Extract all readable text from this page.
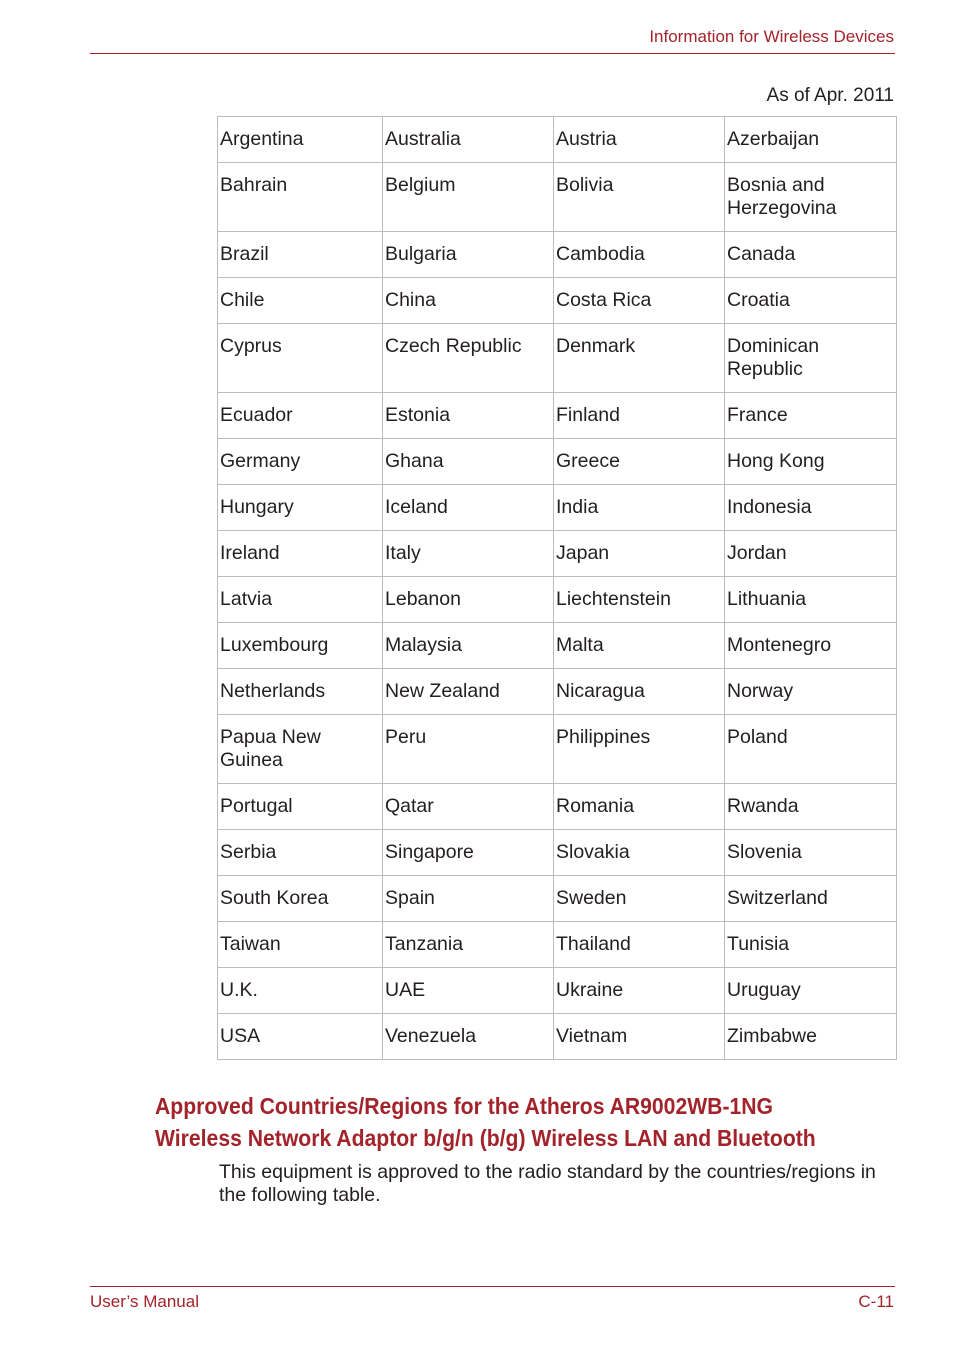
Information for Wireless Devices
As of Apr. 2011
Argentina	Australia	Austria	Azerbaijan
Bahrain	Belgium	Bolivia	Bosnia and Herzegovina
Brazil	Bulgaria	Cambodia	Canada
Chile	China	Costa Rica	Croatia
Cyprus	Czech Republic	Denmark	Dominican Republic
Ecuador	Estonia	Finland	France
Germany	Ghana	Greece	Hong Kong
Hungary	Iceland	India	Indonesia
Ireland	Italy	Japan	Jordan
Latvia	Lebanon	Liechtenstein	Lithuania
Luxembourg	Malaysia	Malta	Montenegro
Netherlands	New Zealand	Nicaragua	Norway
Papua New Guinea	Peru	Philippines	Poland
Portugal	Qatar	Romania	Rwanda
Serbia	Singapore	Slovakia	Slovenia
South Korea	Spain	Sweden	Switzerland
Taiwan	Tanzania	Thailand	Tunisia
U.K.	UAE	Ukraine	Uruguay
USA	Venezuela	Vietnam	Zimbabwe
Approved Countries/Regions for the Atheros AR9002WB-1NG
Wireless Network Adaptor b/g/n (b/g) Wireless LAN and Bluetooth
This equipment is approved to the radio standard by the countries/regions in the following table.
User’s Manual	C-11
